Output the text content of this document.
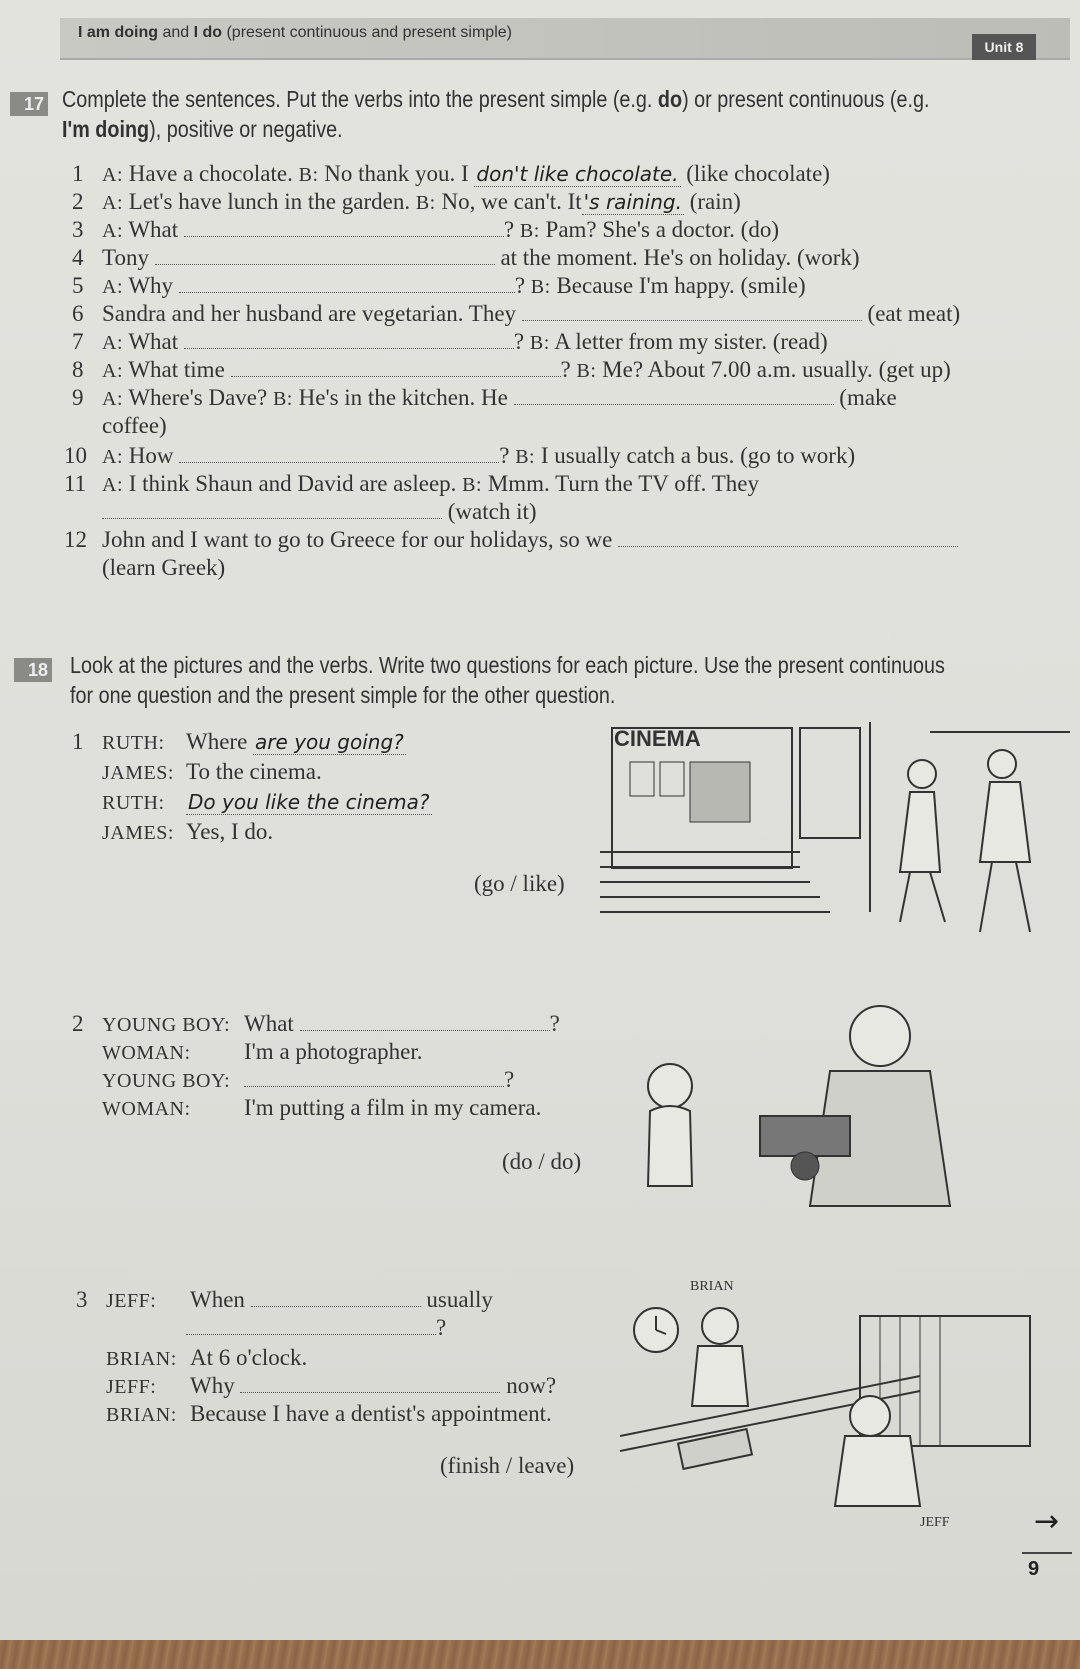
I am doing and I do (present continuous and present simple)
Unit 8
17 Complete the sentences. Put the verbs into the present simple (e.g. do) or present continuous (e.g.
I'm doing), positive or negative.
1 A: Have a chocolate. B: No thank you. I don't like chocolate. (like chocolate)
2 A: Let's have lunch in the garden. B: No, we can't. It 's raining. (rain)
3 A: What	? B: Pam? She's a doctor. (do)
4 Tony	at the moment. He's on holiday. (work)
5 A: Why	? B: Because I'm happy. (smile)
6 Sandra and her husband are vegetarian. They	(eat meat)
7 A: What	? B: A letter from my sister. (read)
8 A: What time	? B: Me? About 7.00 a.m. usually. (get up)
9 A: Where's Dave? B: He's in the kitchen. He	(make
coffee)
10 A: How	? B: I usually catch a bus. (go to work)
11 A: I think Shaun and David are asleep. B: Mmm. Turn the TV off. They
(watch it)
12 John and I want to go to Greece for our holidays, so we
(learn Greek)
18 Look at the pictures and the verbs. Write two questions for each picture. Use the present continuous
for one question and the present simple for the other question.
1 RUTH: Where are you going?
JAMES: To the cinema.
RUTH: Do you like the cinema?
JAMES: Yes, I do.
(go / like)
CINEMA
2 YOUNG BOY: What	?
WOMAN: I'm a photographer.
YOUNG BOY:	?
WOMAN: I'm putting a film in my camera.
(do / do)
3 JEFF: When	usually
?
BRIAN: At 6 o'clock.
JEFF: Why	now?
BRIAN: Because I have a dentist's appointment.
(finish / leave)
BRIAN
JEFF	→
9
